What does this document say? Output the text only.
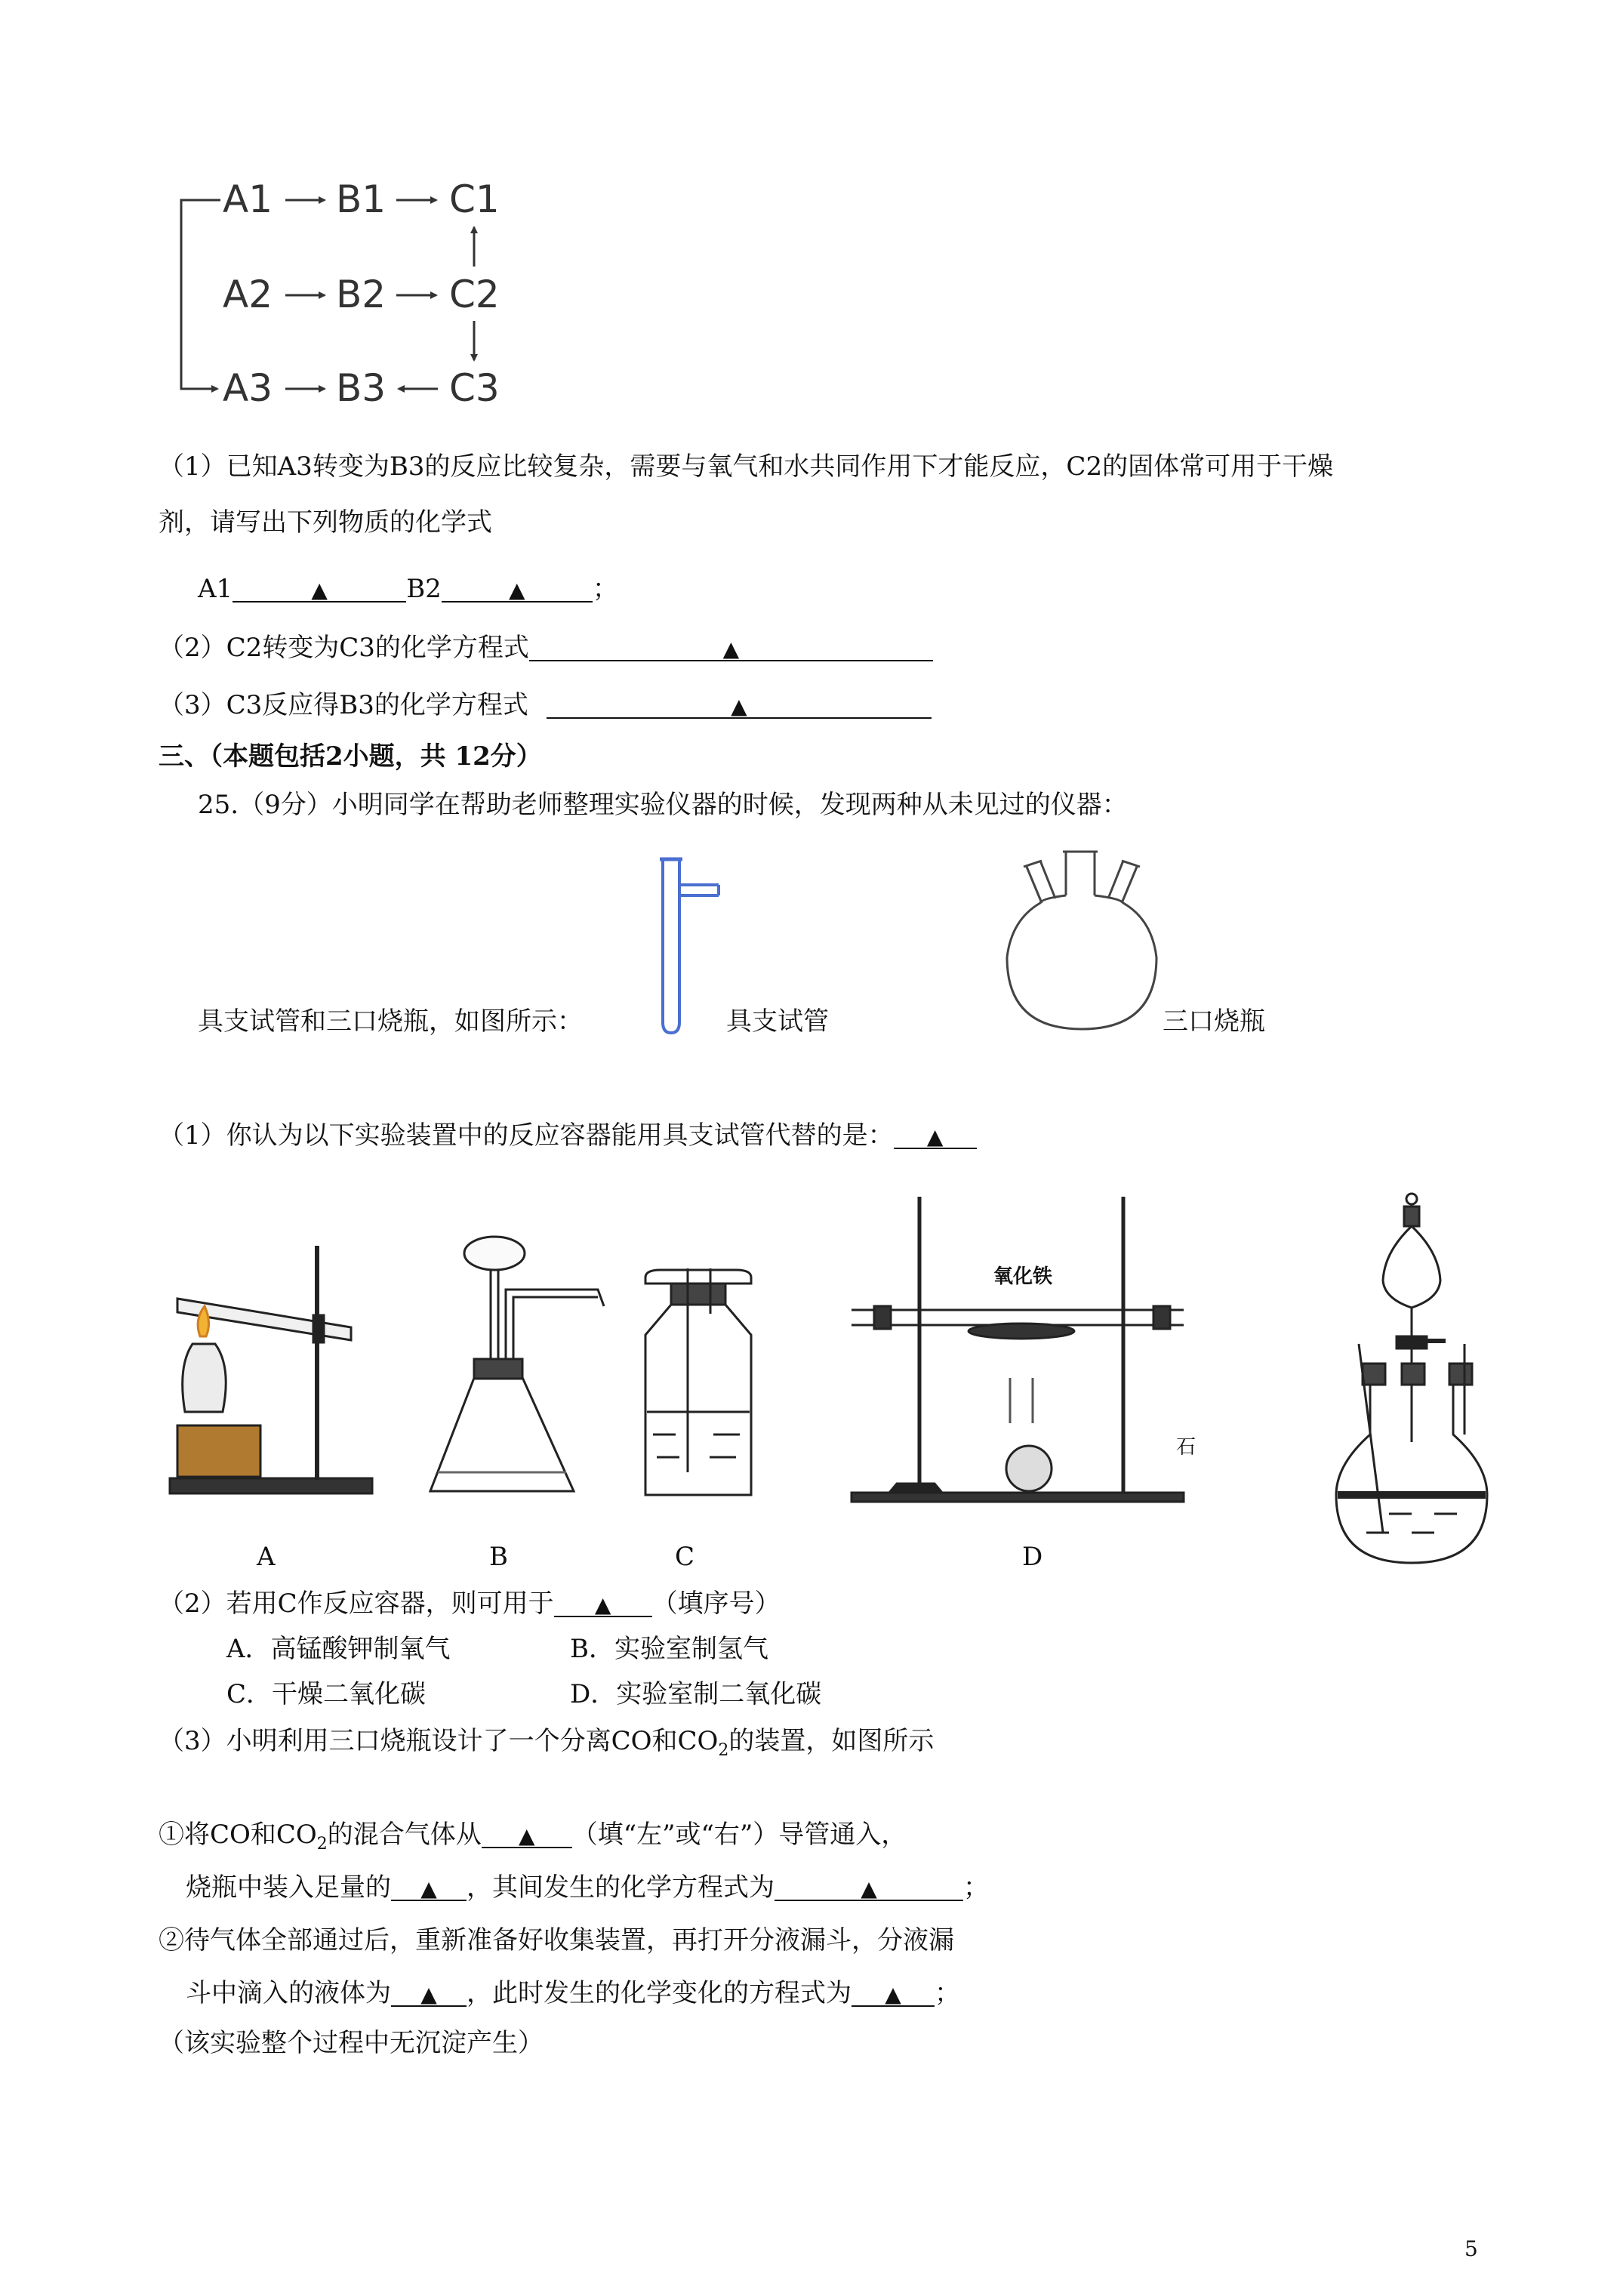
A1 B1 C1
A2 B2 C2
A3 B3 C3
（1）已知A3转变为B3的反应比较复杂，需要与氧气和水共同作用下才能反应，C2的固体常可用于干燥
剂，请写出下列物质的化学式
A1	▲	B2	▲	；
（2）C2转变为C3的化学方程式	▲
（3）C3反应得B3的化学方程式	▲
三、（本题包括2小题，共 12分）
25.（9分）小明同学在帮助老师整理实验仪器的时候，发现两种从未见过的仪器：
具支试管和三口烧瓶，如图所示：	具支试管	三口烧瓶
（1）你认为以下实验装置中的反应容器能用具支试管代替的是： ▲
氧化铁
石
A	B	C	D
（2）若用C作反应容器，则可用于 ▲ （填序号）
A．高锰酸钾制氧气	B．实验室制氢气
C．干燥二氧化碳	D．实验室制二氧化碳
（3）小明利用三口烧瓶设计了一个分离CO和$CO_2$的装置，如图所示
①将CO和$CO_2$的混合气体从 ▲ （填“左”或“右”）导管通入，
烧瓶中装入足量的 ▲ ，其间发生的化学方程式为	▲	；
②待气体全部通过后，重新准备好收集装置，再打开分液漏斗，分液漏
斗中滴入的液体为 ▲ ，此时发生的化学变化的方程式为 ▲ ；
（该实验整个过程中无沉淀产生）
5
